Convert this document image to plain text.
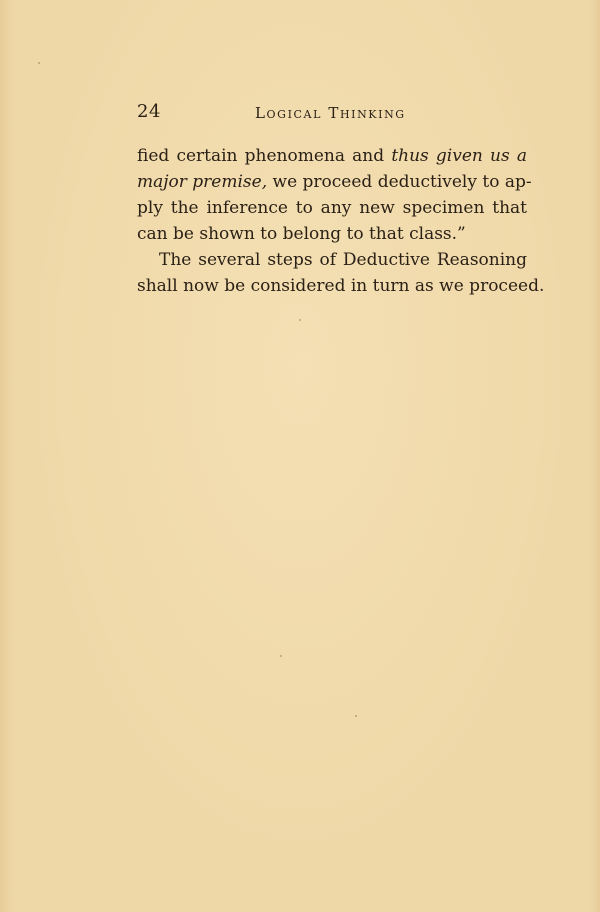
24	Logical Thinking

fied certain phenomena and thus given us a
major premise, we proceed deductively to ap-
ply the inference to any new specimen that
can be shown to belong to that class.”

The several steps of Deductive Reasoning
shall now be considered in turn as we proceed.
